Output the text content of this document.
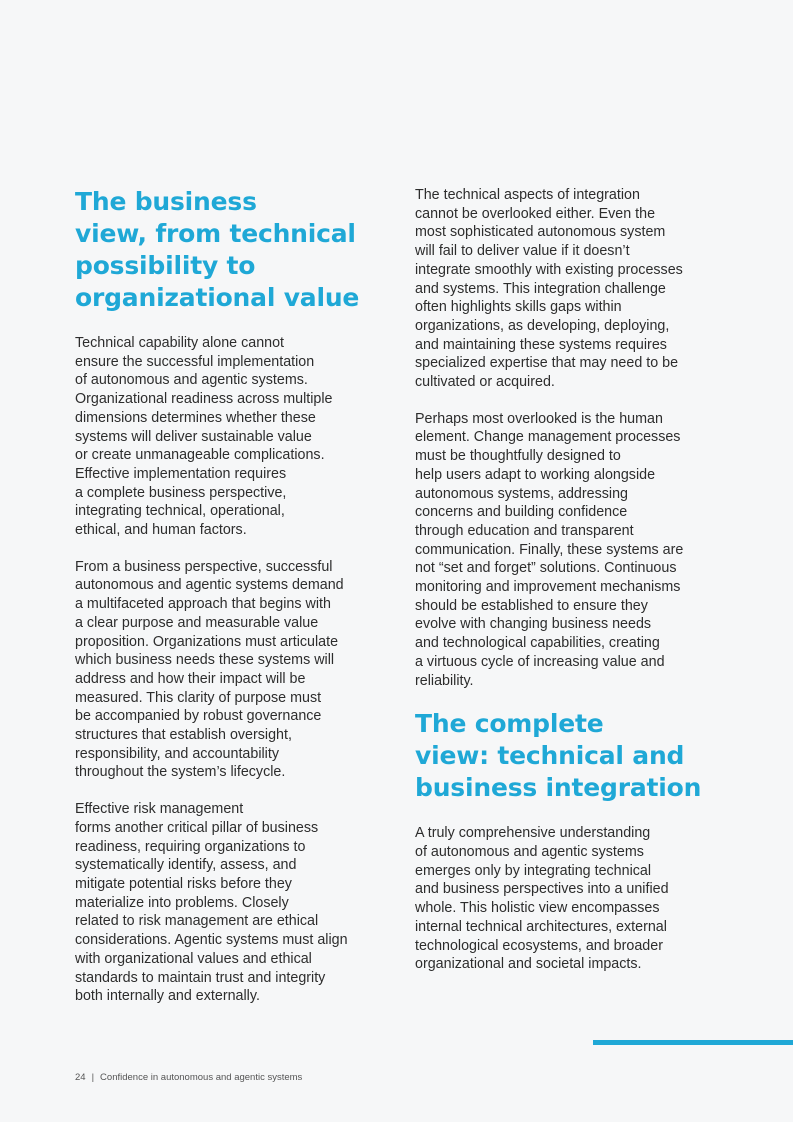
The business
view, from technical
possibility to
organizational value

Technical capability alone cannot
ensure the successful implementation
of autonomous and agentic systems.
Organizational readiness across multiple
dimensions determines whether these
systems will deliver sustainable value
or create unmanageable complications.
Effective implementation requires
a complete business perspective,
integrating technical, operational,
ethical, and human factors.

From a business perspective, successful
autonomous and agentic systems demand
a multifaceted approach that begins with
a clear purpose and measurable value
proposition. Organizations must articulate
which business needs these systems will
address and how their impact will be
measured. This clarity of purpose must
be accompanied by robust governance
structures that establish oversight,
responsibility, and accountability
throughout the system’s lifecycle.

Effective risk management
forms another critical pillar of business
readiness, requiring organizations to
systematically identify, assess, and
mitigate potential risks before they
materialize into problems. Closely
related to risk management are ethical
considerations. Agentic systems must align
with organizational values and ethical
standards to maintain trust and integrity
both internally and externally.

The technical aspects of integration
cannot be overlooked either. Even the
most sophisticated autonomous system
will fail to deliver value if it doesn’t
integrate smoothly with existing processes
and systems. This integration challenge
often highlights skills gaps within
organizations, as developing, deploying,
and maintaining these systems requires
specialized expertise that may need to be
cultivated or acquired.

Perhaps most overlooked is the human
element. Change management processes
must be thoughtfully designed to
help users adapt to working alongside
autonomous systems, addressing
concerns and building confidence
through education and transparent
communication. Finally, these systems are
not “set and forget” solutions. Continuous
monitoring and improvement mechanisms
should be established to ensure they
evolve with changing business needs
and technological capabilities, creating
a virtuous cycle of increasing value and
reliability.

The complete
view: technical and
business integration

A truly comprehensive understanding
of autonomous and agentic systems
emerges only by integrating technical
and business perspectives into a unified
whole. This holistic view encompasses
internal technical architectures, external
technological ecosystems, and broader
organizational and societal impacts.

24 | Confidence in autonomous and agentic systems
